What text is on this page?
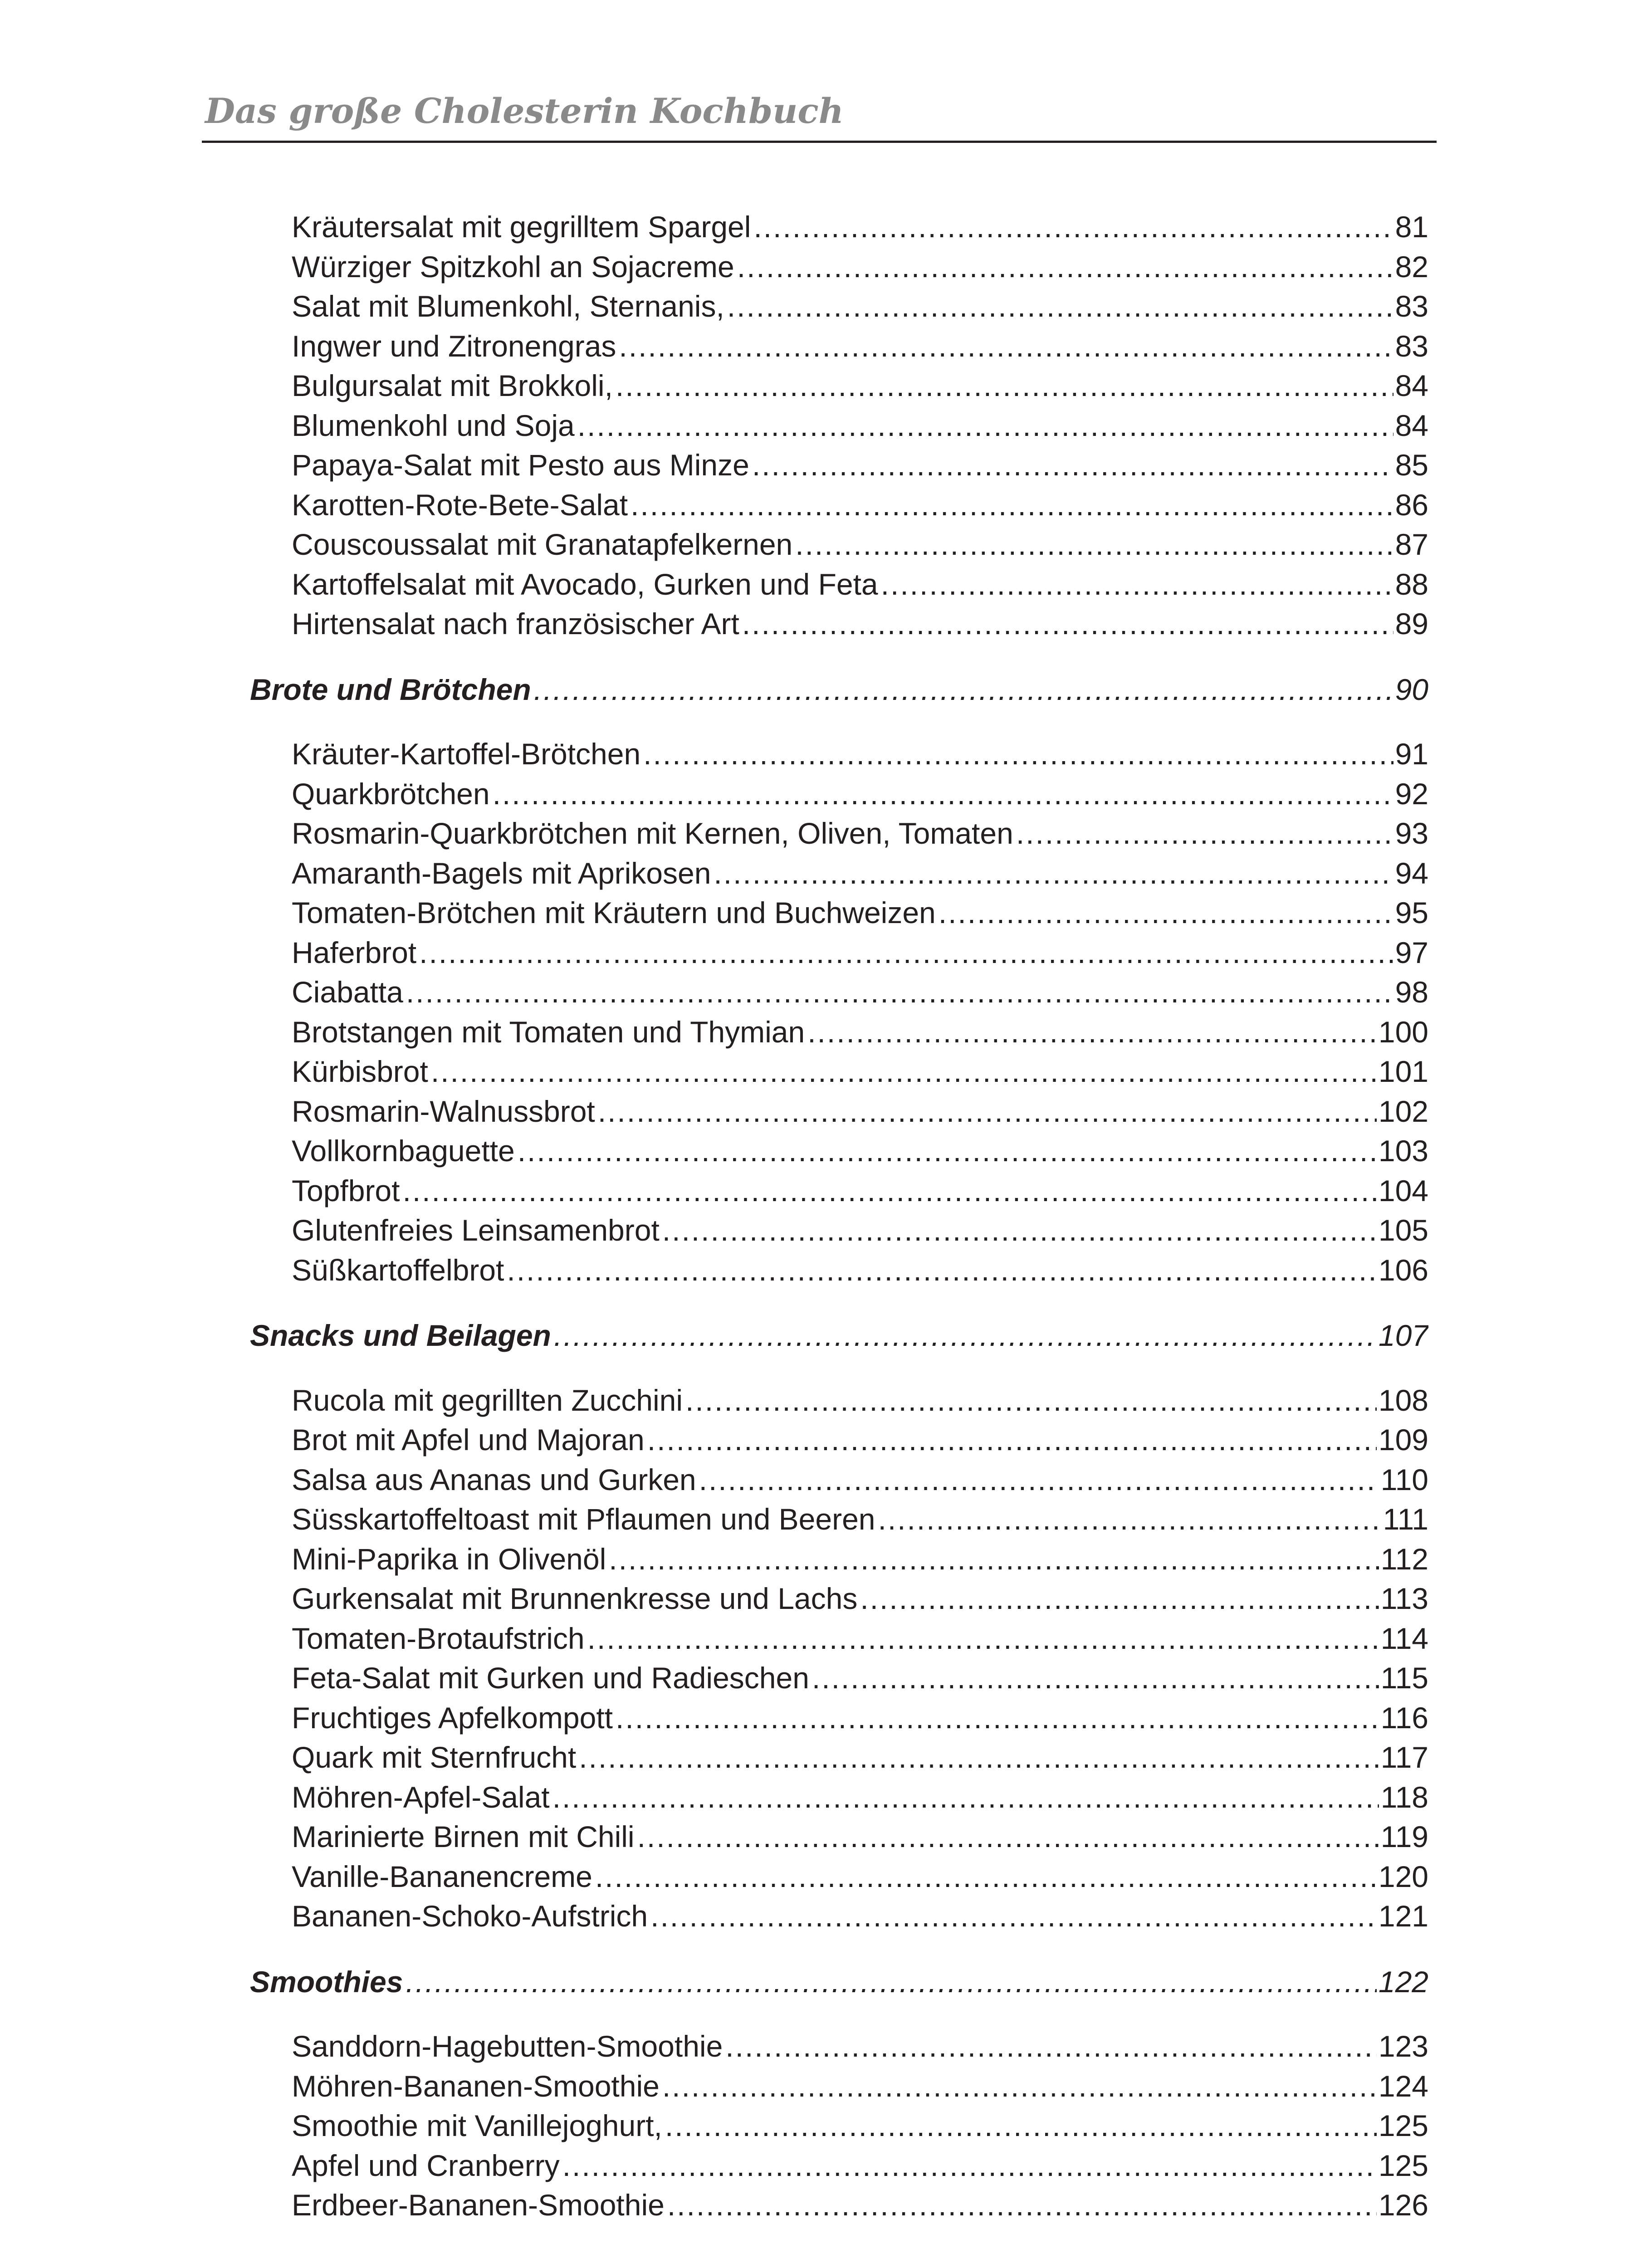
Das große Cholesterin Kochbuch
Kräutersalat mit gegrilltem Spargel .....	81
Würziger Spitzkohl an Sojacreme .....	82
Salat mit Blumenkohl, Sternanis, .....	83
Ingwer und Zitronengras .....	83
Bulgursalat mit Brokkoli, .....	84
Blumenkohl und Soja .....	84
Papaya-Salat mit Pesto aus Minze .....	85
Karotten-Rote-Bete-Salat .....	86
Couscoussalat mit Granatapfelkernen .....	87
Kartoffelsalat mit Avocado, Gurken und Feta .....	88
Hirtensalat nach französischer Art .....	89
Brote und Brötchen .....	90
Kräuter-Kartoffel-Brötchen .....	91
Quarkbrötchen .....	92
Rosmarin-Quarkbrötchen mit Kernen, Oliven, Tomaten .....	93
Amaranth-Bagels mit Aprikosen .....	94
Tomaten-Brötchen mit Kräutern und Buchweizen .....	95
Haferbrot .....	97
Ciabatta .....	98
Brotstangen mit Tomaten und Thymian .....	100
Kürbisbrot .....	101
Rosmarin-Walnussbrot .....	102
Vollkornbaguette .....	103
Topfbrot .....	104
Glutenfreies Leinsamenbrot .....	105
Süßkartoffelbrot .....	106
Snacks und Beilagen .....	107
Rucola mit gegrillten Zucchini .....	108
Brot mit Apfel und Majoran .....	109
Salsa aus Ananas und Gurken .....	110
Süsskartoffeltoast mit Pflaumen und Beeren .....	111
Mini-Paprika in Olivenöl .....	112
Gurkensalat mit Brunnenkresse und Lachs .....	113
Tomaten-Brotaufstrich .....	114
Feta-Salat mit Gurken und Radieschen .....	115
Fruchtiges Apfelkompott .....	116
Quark mit Sternfrucht .....	117
Möhren-Apfel-Salat .....	118
Marinierte Birnen mit Chili .....	119
Vanille-Bananencreme .....	120
Bananen-Schoko-Aufstrich .....	121
Smoothies .....	122
Sanddorn-Hagebutten-Smoothie .....	123
Möhren-Bananen-Smoothie .....	124
Smoothie mit Vanillejoghurt, .....	125
Apfel und Cranberry .....	125
Erdbeer-Bananen-Smoothie .....	126
